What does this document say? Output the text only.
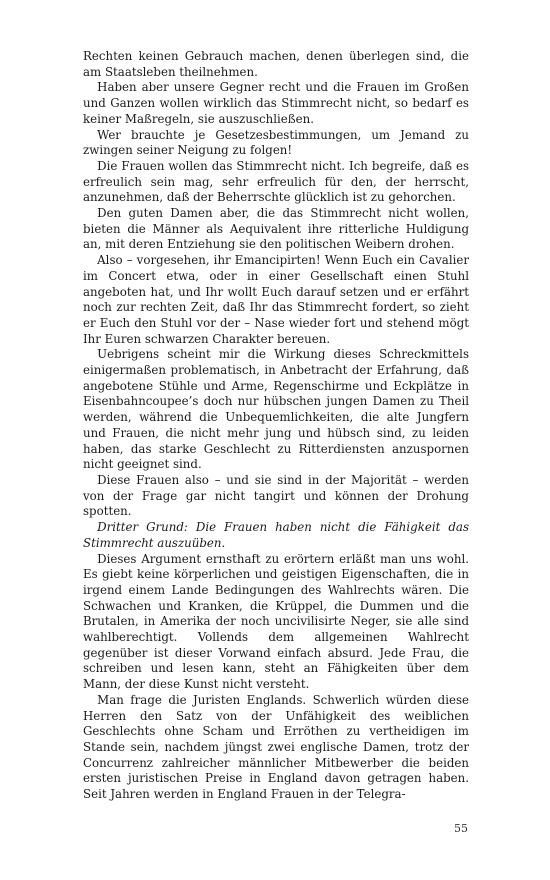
Rechten keinen Gebrauch machen, denen überlegen sind, die am Staatsleben theilnehmen.

Haben aber unsere Gegner recht und die Frauen im Großen und Ganzen wollen wirklich das Stimmrecht nicht, so bedarf es keiner Maßregeln, sie auszuschließen.

Wer brauchte je Gesetzesbestimmungen, um Jemand zu zwingen seiner Neigung zu folgen!

Die Frauen wollen das Stimmrecht nicht. Ich begreife, daß es erfreulich sein mag, sehr erfreulich für den, der herrscht, anzunehmen, daß der Beherrschte glücklich ist zu gehorchen.

Den guten Damen aber, die das Stimmrecht nicht wollen, bieten die Männer als Aequivalent ihre ritterliche Huldigung an, mit deren Entziehung sie den politischen Weibern drohen.

Also – vorgesehen, ihr Emancipirten! Wenn Euch ein Cavalier im Concert etwa, oder in einer Gesellschaft einen Stuhl angeboten hat, und Ihr wollt Euch darauf setzen und er erfährt noch zur rechten Zeit, daß Ihr das Stimmrecht fordert, so zieht er Euch den Stuhl vor der – Nase wieder fort und stehend mögt Ihr Euren schwarzen Charakter bereuen.

Uebrigens scheint mir die Wirkung dieses Schreckmittels einigermaßen problematisch, in Anbetracht der Erfahrung, daß angebotene Stühle und Arme, Regenschirme und Eckplätze in Eisenbahncoupee’s doch nur hübschen jungen Damen zu Theil werden, während die Unbequemlichkeiten, die alte Jungfern und Frauen, die nicht mehr jung und hübsch sind, zu leiden haben, das starke Geschlecht zu Ritterdiensten anzuspornen nicht geeignet sind.

Diese Frauen also – und sie sind in der Majorität – werden von der Frage gar nicht tangirt und können der Drohung spotten.

Dritter Grund: Die Frauen haben nicht die Fähigkeit das Stimmrecht auszuüben.

Dieses Argument ernsthaft zu erörtern erläßt man uns wohl. Es giebt keine körperlichen und geistigen Eigenschaften, die in irgend einem Lande Bedingungen des Wahlrechts wären. Die Schwachen und Kranken, die Krüppel, die Dummen und die Brutalen, in Amerika der noch uncivilisirte Neger, sie alle sind wahlberechtigt. Vollends dem allgemeinen Wahlrecht gegenüber ist dieser Vorwand einfach absurd. Jede Frau, die schreiben und lesen kann, steht an Fähigkeiten über dem Mann, der diese Kunst nicht versteht.

Man frage die Juristen Englands. Schwerlich würden diese Herren den Satz von der Unfähigkeit des weiblichen Geschlechts ohne Scham und Erröthen zu vertheidigen im Stande sein, nachdem jüngst zwei englische Damen, trotz der Concurrenz zahlreicher männlicher Mitbewerber die beiden ersten juristischen Preise in England davon getragen haben. Seit Jahren werden in England Frauen in der Telegra-

55
